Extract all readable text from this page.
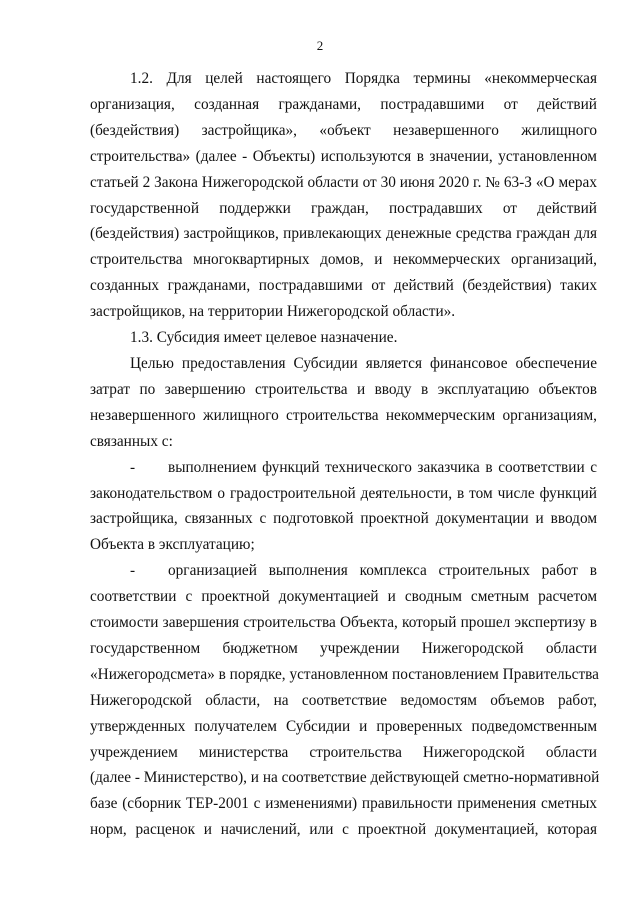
2
1.2. Для целей настоящего Порядка термины «некоммерческая
организация, созданная гражданами, пострадавшими от действий
(бездействия) застройщика», «объект незавершенного жилищного
строительства» (далее - Объекты) используются в значении, установленном
статьей 2 Закона Нижегородской области от 30 июня 2020 г. № 63-З «О мерах
государственной поддержки граждан, пострадавших от действий
(бездействия) застройщиков, привлекающих денежные средства граждан для
строительства многоквартирных домов, и некоммерческих организаций,
созданных гражданами, пострадавшими от действий (бездействия) таких
застройщиков, на территории Нижегородской области».
1.3. Субсидия имеет целевое назначение.
Целью предоставления Субсидии является финансовое обеспечение
затрат по завершению строительства и вводу в эксплуатацию объектов
незавершенного жилищного строительства некоммерческим организациям,
связанных с:
-	выполнением функций технического заказчика в соответствии с
законодательством о градостроительной деятельности, в том числе функций
застройщика, связанных с подготовкой проектной документации и вводом
Объекта в эксплуатацию;
-	организацией выполнения комплекса строительных работ в
соответствии с проектной документацией и сводным сметным расчетом
стоимости завершения строительства Объекта, который прошел экспертизу в
государственном бюджетном учреждении Нижегородской области
«Нижегородсмета» в порядке, установленном постановлением Правительства
Нижегородской области, на соответствие ведомостям объемов работ,
утвержденных получателем Субсидии и проверенных подведомственным
учреждением министерства строительства Нижегородской области
(далее - Министерство), и на соответствие действующей сметно-нормативной
базе (сборник ТЕР-2001 с изменениями) правильности применения сметных
норм, расценок и начислений, или с проектной документацией, которая
